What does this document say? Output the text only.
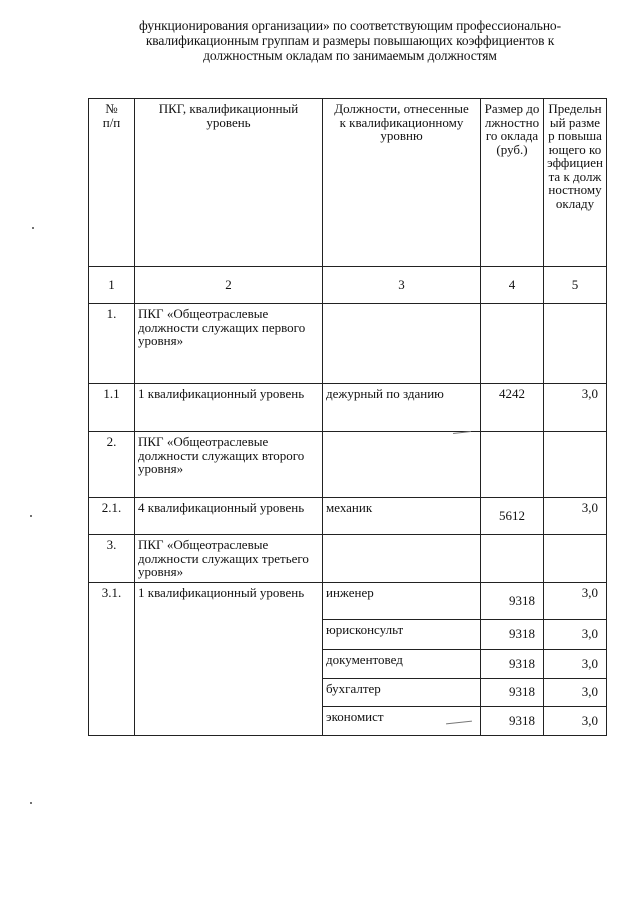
функционирования организации» по соответствующим профессионально-
квалификационным группам и размеры повышающих коэффициентов к
должностным окладам по занимаемым должностям
№ п/п	ПКГ, квалификационный уровень	Должности, отнесенные к квалификационному уровню	Размер должностного оклада (руб.)	Предельный размер повышающего коэффициента к должностному окладу
1	2	3	4	5
1.	ПКГ «Общеотраслевые должности служащих первого уровня»			
1.1	1 квалификационный уровень	дежурный по зданию	4242	3,0
2.	ПКГ «Общеотраслевые должности служащих второго уровня»			
2.1.	4 квалификационный уровень	механик	5612	3,0
3.	ПКГ «Общеотраслевые должности служащих третьего уровня»			
3.1.	1 квалификационный уровень	инженер	9318	3,0
		юрисконсульт	9318	3,0
		документовед	9318	3,0
		бухгалтер	9318	3,0
		экономист	9318	3,0
